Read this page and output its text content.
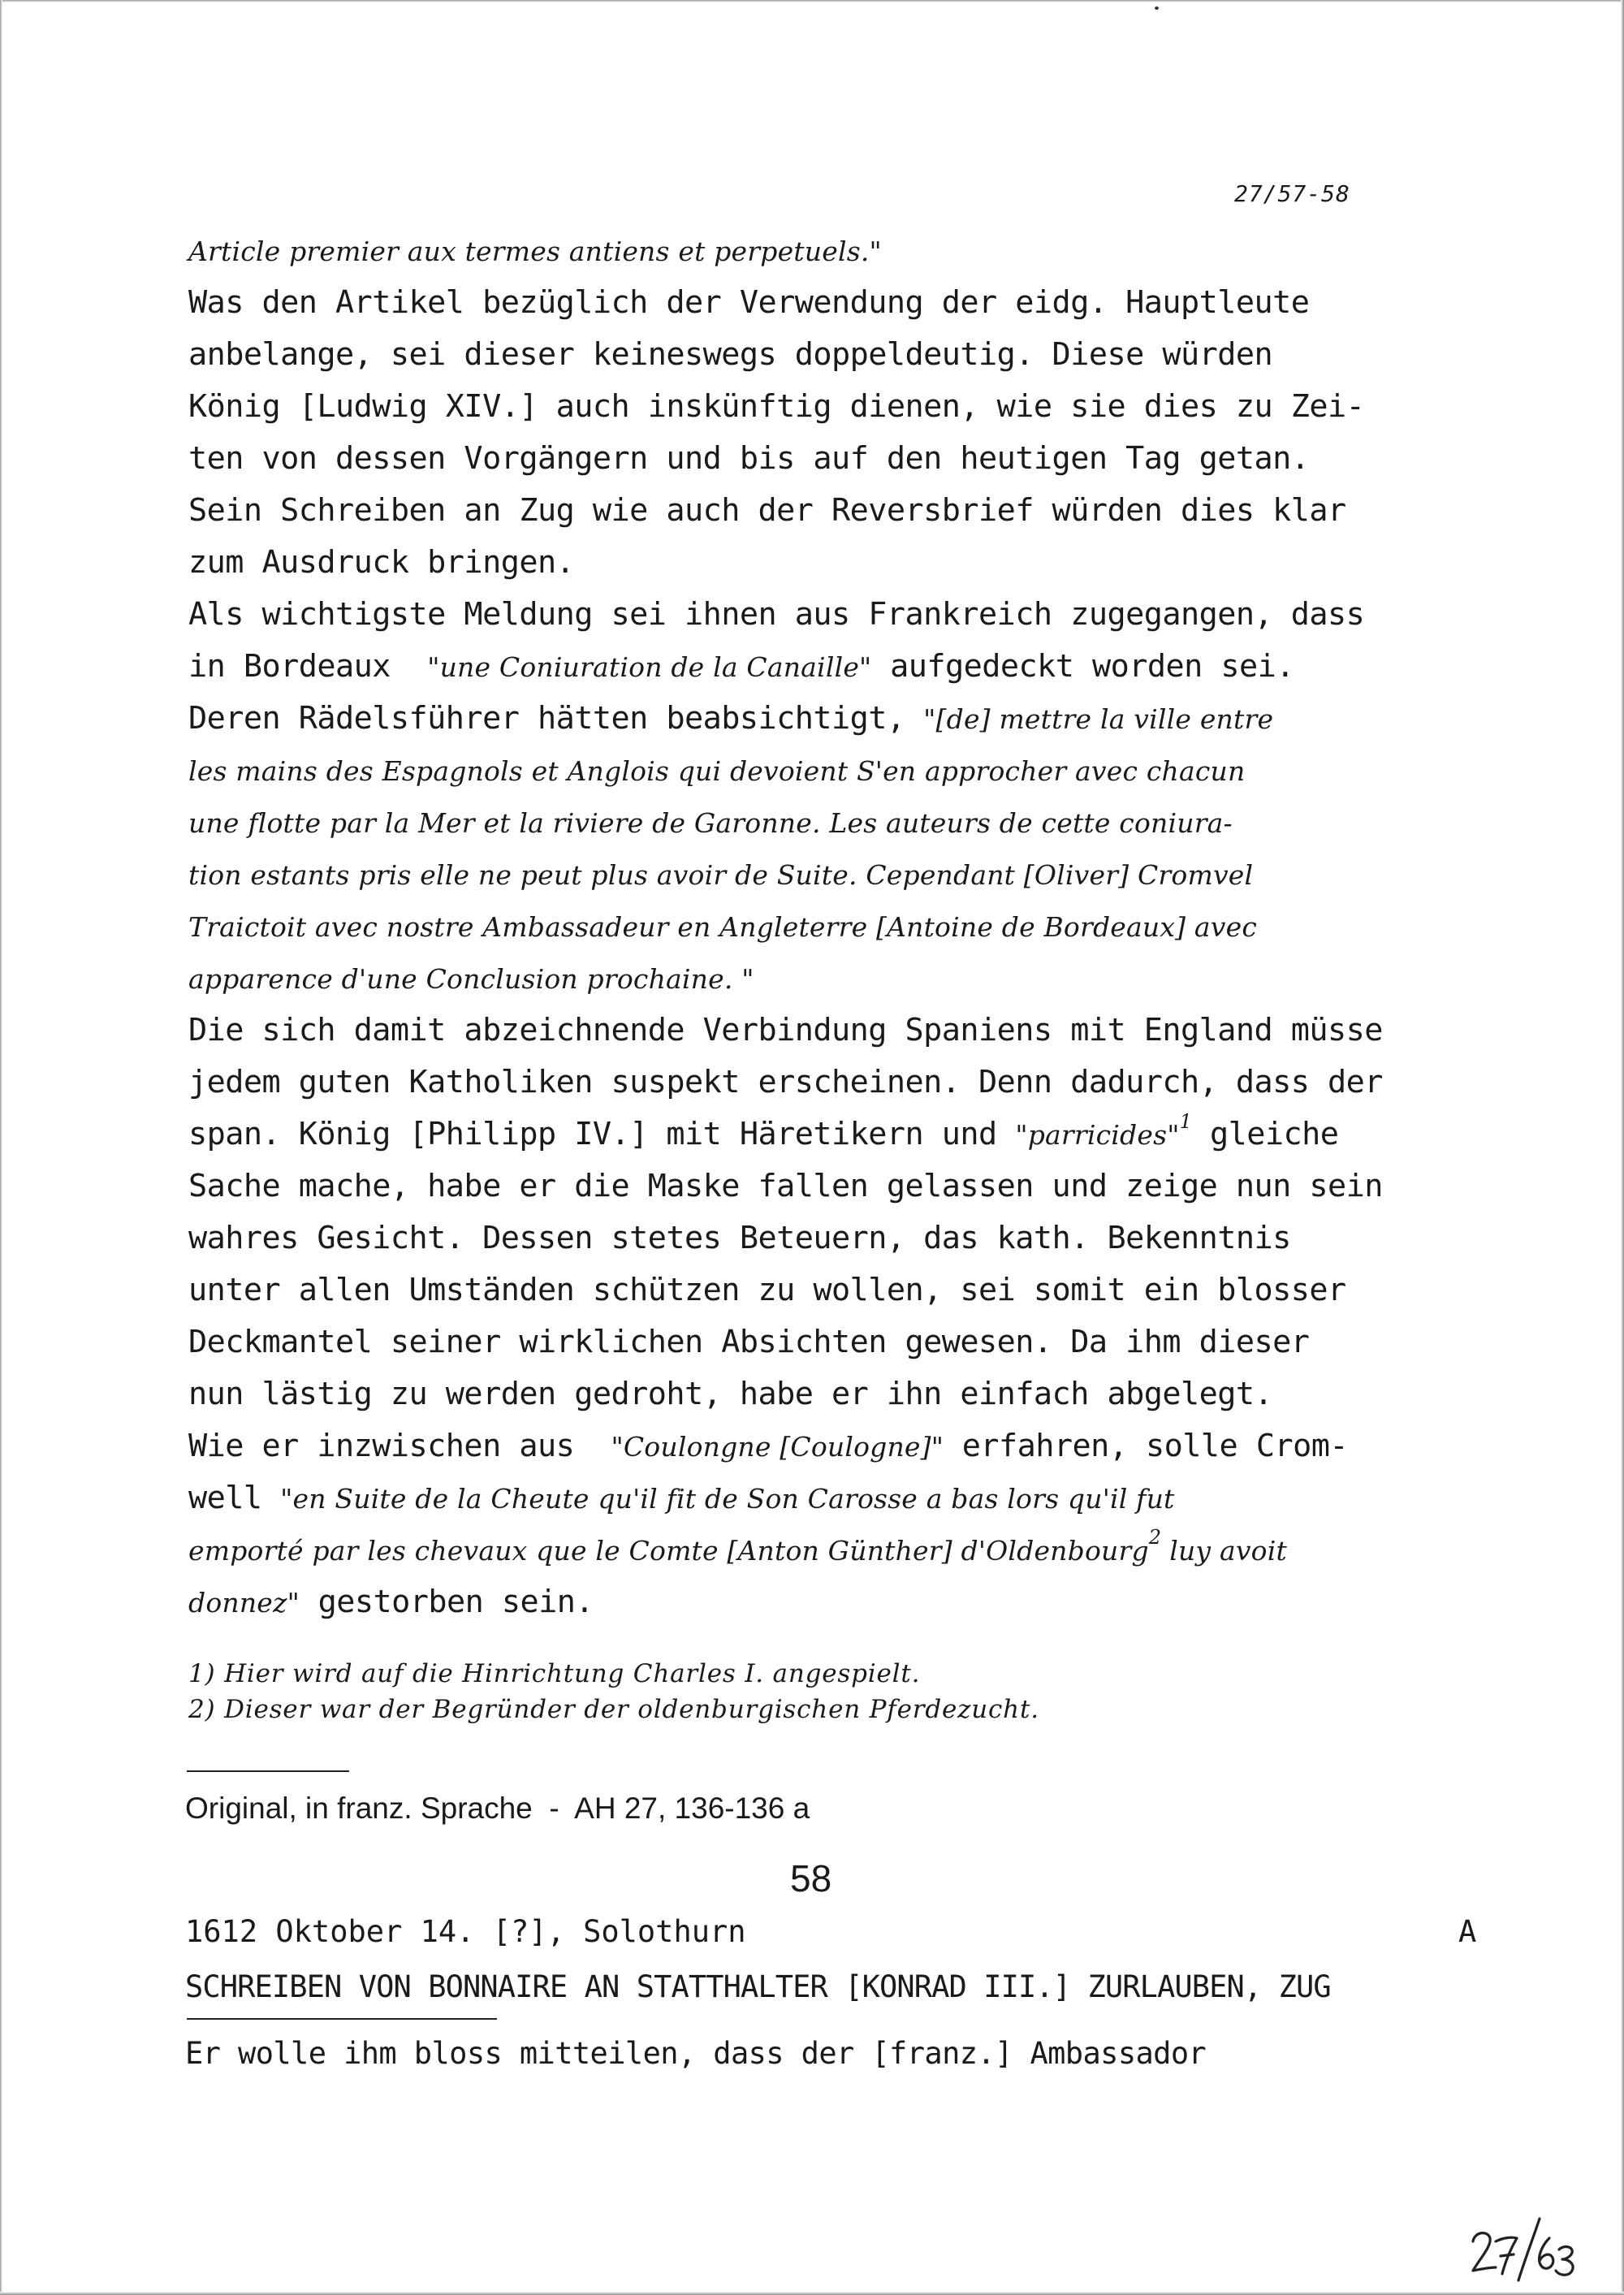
27/57-58
Article premier aux termes antiens et perpetuels."
Was den Artikel bezüglich der Verwendung der eidg. Hauptleute
anbelange, sei dieser keineswegs doppeldeutig. Diese würden
König [Ludwig XIV.] auch inskünftig dienen, wie sie dies zu Zei-
ten von dessen Vorgängern und bis auf den heutigen Tag getan.
Sein Schreiben an Zug wie auch der Reversbrief würden dies klar
zum Ausdruck bringen.
Als wichtigste Meldung sei ihnen aus Frankreich zugegangen, dass
in Bordeaux  "une Coniuration de la Canaille" aufgedeckt worden sei.
Deren Rädelsführer hätten beabsichtigt, "[de] mettre la ville entre
les mains des Espagnols et Anglois qui devoient S'en approcher avec chacun
une flotte par la Mer et la riviere de Garonne. Les auteurs de cette coniura-
tion estants pris elle ne peut plus avoir de Suite. Cependant [Oliver] Cromvel
Traictoit avec nostre Ambassadeur en Angleterre [Antoine de Bordeaux] avec
apparence d'une Conclusion prochaine. "
Die sich damit abzeichnende Verbindung Spaniens mit England müsse
jedem guten Katholiken suspekt erscheinen. Denn dadurch, dass der
span. König [Philipp IV.] mit Häretikern und "parricides"$^1$ gleiche
Sache mache, habe er die Maske fallen gelassen und zeige nun sein
wahres Gesicht. Dessen stetes Beteuern, das kath. Bekenntnis
unter allen Umständen schützen zu wollen, sei somit ein blosser
Deckmantel seiner wirklichen Absichten gewesen. Da ihm dieser
nun lästig zu werden gedroht, habe er ihn einfach abgelegt.
Wie er inzwischen aus  "Coulongne [Coulogne]" erfahren, solle Crom-
well "en Suite de la Cheute qu'il fit de Son Carosse a bas lors qu'il fut
emporté par les chevaux que le Comte [Anton Günther] d'Oldenbourg$^2$ luy avoit
donnez" gestorben sein.
1) Hier wird auf die Hinrichtung Charles I. angespielt.
2) Dieser war der Begründer der oldenburgischen Pferdezucht.
Original, in franz. Sprache  -  AH 27, 136-136 a
58
1612 Oktober 14. [?], Solothurn	A
SCHREIBEN VON BONNAIRE AN STATTHALTER [KONRAD III.] ZURLAUBEN, ZUG
Er wolle ihm bloss mitteilen, dass der [franz.] Ambassador
